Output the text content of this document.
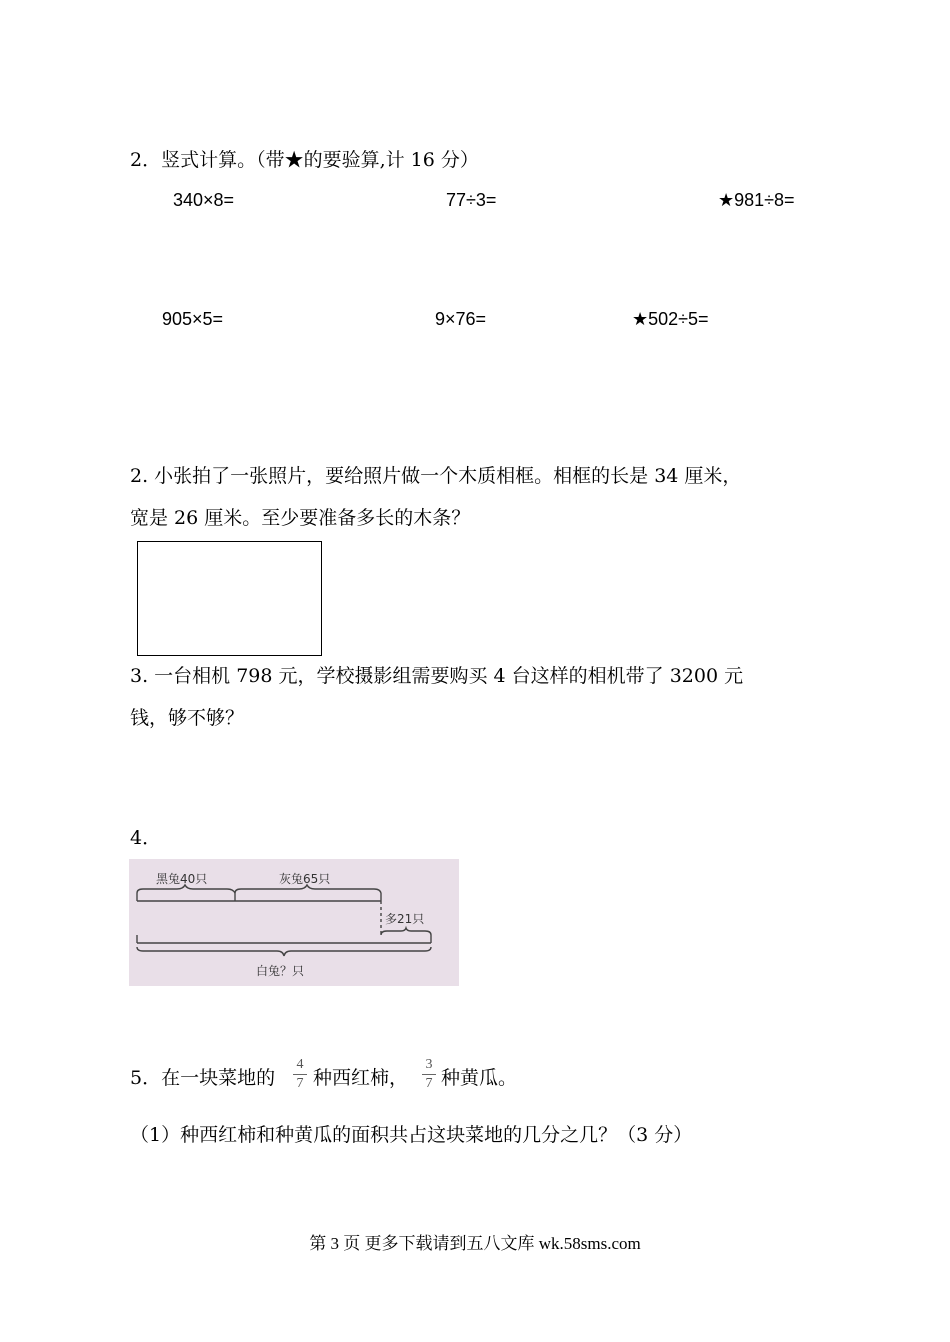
2．竖式计算。（带★的要验算,计 16 分）
340×8=	77÷3=	★981÷8=
905×5=	9×76=	★502÷5=
2. 小张拍了一张照片，要给照片做一个木质相框。相框的长是 34 厘米，
宽是 26 厘米。至少要准备多长的木条？
3. 一台相机 798 元，学校摄影组需要购买 4 台这样的相机带了 3200 元
钱，够不够？
4．
黑兔40只	灰兔65只
多21只
白兔？只
5．在一块菜地的
4
7 种西红柿，
3
7 种黄瓜。
（1）种西红柿和种黄瓜的面积共占这块菜地的几分之几？（3 分）
第 3 页 更多下载请到五八文库 wk.58sms.com
